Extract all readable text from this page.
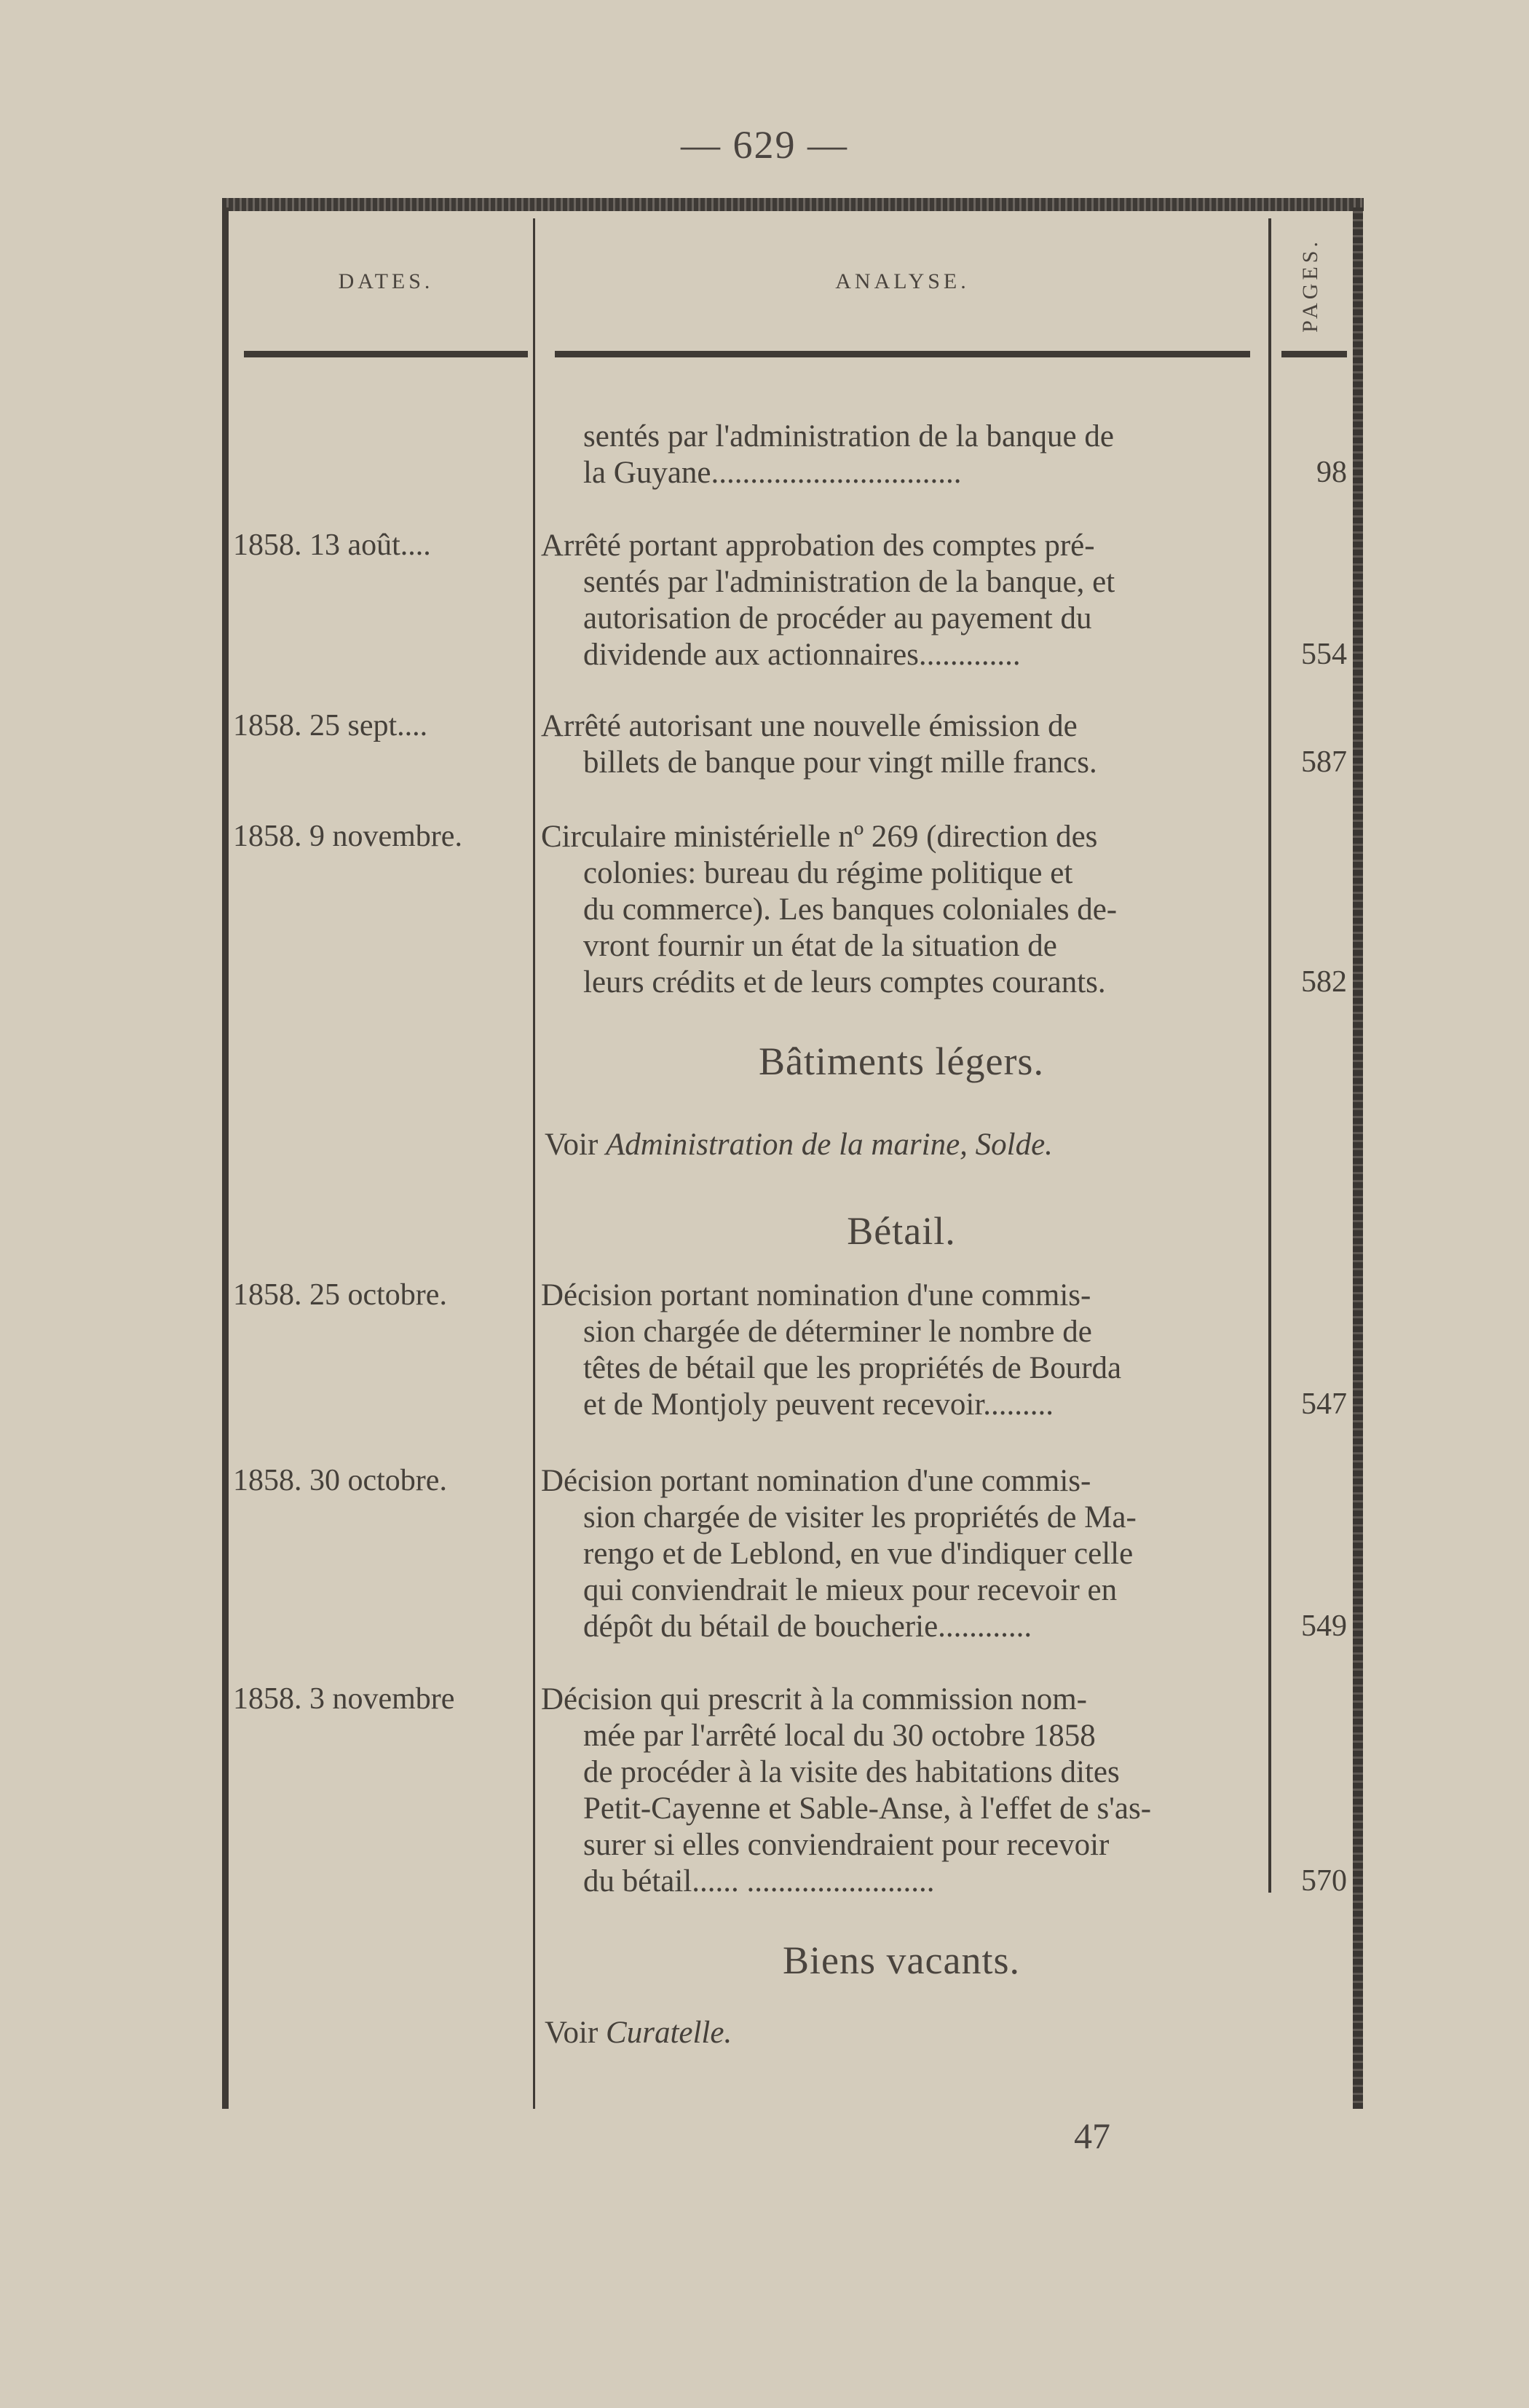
— 629 —
DATES.	ANALYSE.	PAGES.
sentés par l'administration de la banque de
la Guyane................................	98
1858. 13 août....	Arrêté portant approbation des comptes pré-
sentés par l'administration de la banque, et
autorisation de procéder au payement du
dividende aux actionnaires.............	554
1858. 25 sept....	Arrêté autorisant une nouvelle émission de
billets de banque pour vingt mille francs.	587
1858. 9 novembre.	Circulaire ministérielle nº 269 (direction des
colonies: bureau du régime politique et
du commerce). Les banques coloniales de-
vront fournir un état de la situation de
leurs crédits et de leurs comptes courants.	582
Bâtiments légers.
Voir Administration de la marine, Solde.
Bétail.
1858. 25 octobre.	Décision portant nomination d'une commis-
sion chargée de déterminer le nombre de
têtes de bétail que les propriétés de Bourda
et de Montjoly peuvent recevoir.........	547
1858. 30 octobre.	Décision portant nomination d'une commis-
sion chargée de visiter les propriétés de Ma-
rengo et de Leblond, en vue d'indiquer celle
qui conviendrait le mieux pour recevoir en
dépôt du bétail de boucherie............	549
1858. 3 novembre	Décision qui prescrit à la commission nom-
mée par l'arrêté local du 30 octobre 1858
de procéder à la visite des habitations dites
Petit-Cayenne et Sable-Anse, à l'effet de s'as-
surer si elles conviendraient pour recevoir
du bétail...... ........................	570
Biens vacants.
Voir Curatelle.
47
